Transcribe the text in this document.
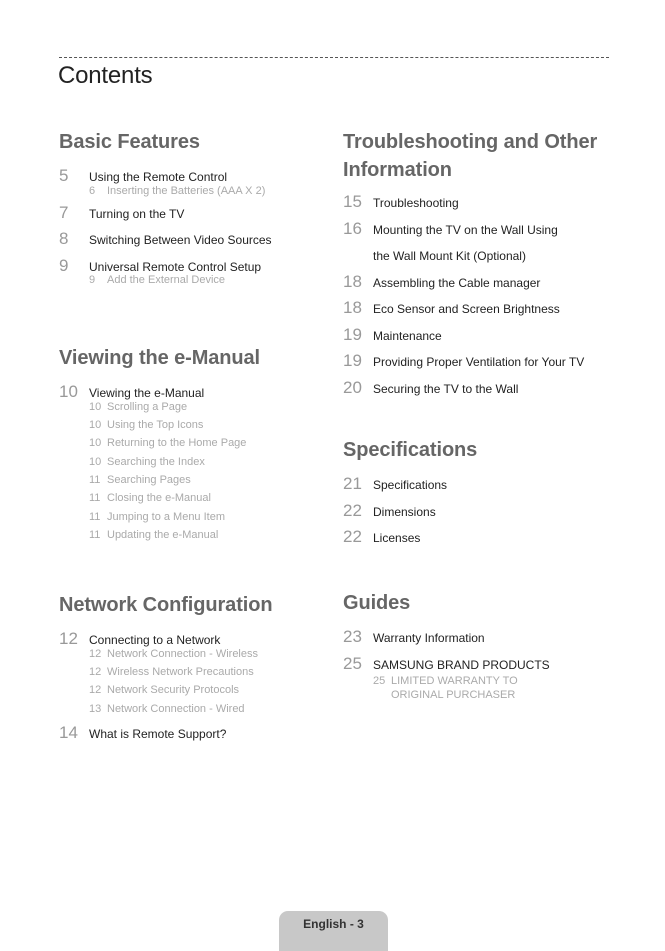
Contents
Basic Features
5	Using the Remote Control
6	Inserting the Batteries (AAA X 2)
7	Turning on the TV
8	Switching Between Video Sources
9	Universal Remote Control Setup
9	Add the External Device
Viewing the e-Manual
10 Viewing the e-Manual
10 Scrolling a Page
10 Using the Top Icons
10 Returning to the Home Page
10 Searching the Index
11 Searching Pages
11 Closing the e-Manual
11 Jumping to a Menu Item
11 Updating the e-Manual
Network Configuration
12 Connecting to a Network
12 Network Connection - Wireless
12 Wireless Network Precautions
12 Network Security Protocols
13 Network Connection - Wired
14 What is Remote Support?
Troubleshooting and Other
Information
15 Troubleshooting
16 Mounting the TV on the Wall Using
the Wall Mount Kit (Optional)
18 Assembling the Cable manager
18 Eco Sensor and Screen Brightness
19 Maintenance
19 Providing Proper Ventilation for Your TV
20 Securing the TV to the Wall
Specifications
21 Specifications
22 Dimensions
22 Licenses
Guides
23 Warranty Information
25 SAMSUNG BRAND PRODUCTS
25 LIMITED WARRANTY TO
ORIGINAL PURCHASER
English - 3
